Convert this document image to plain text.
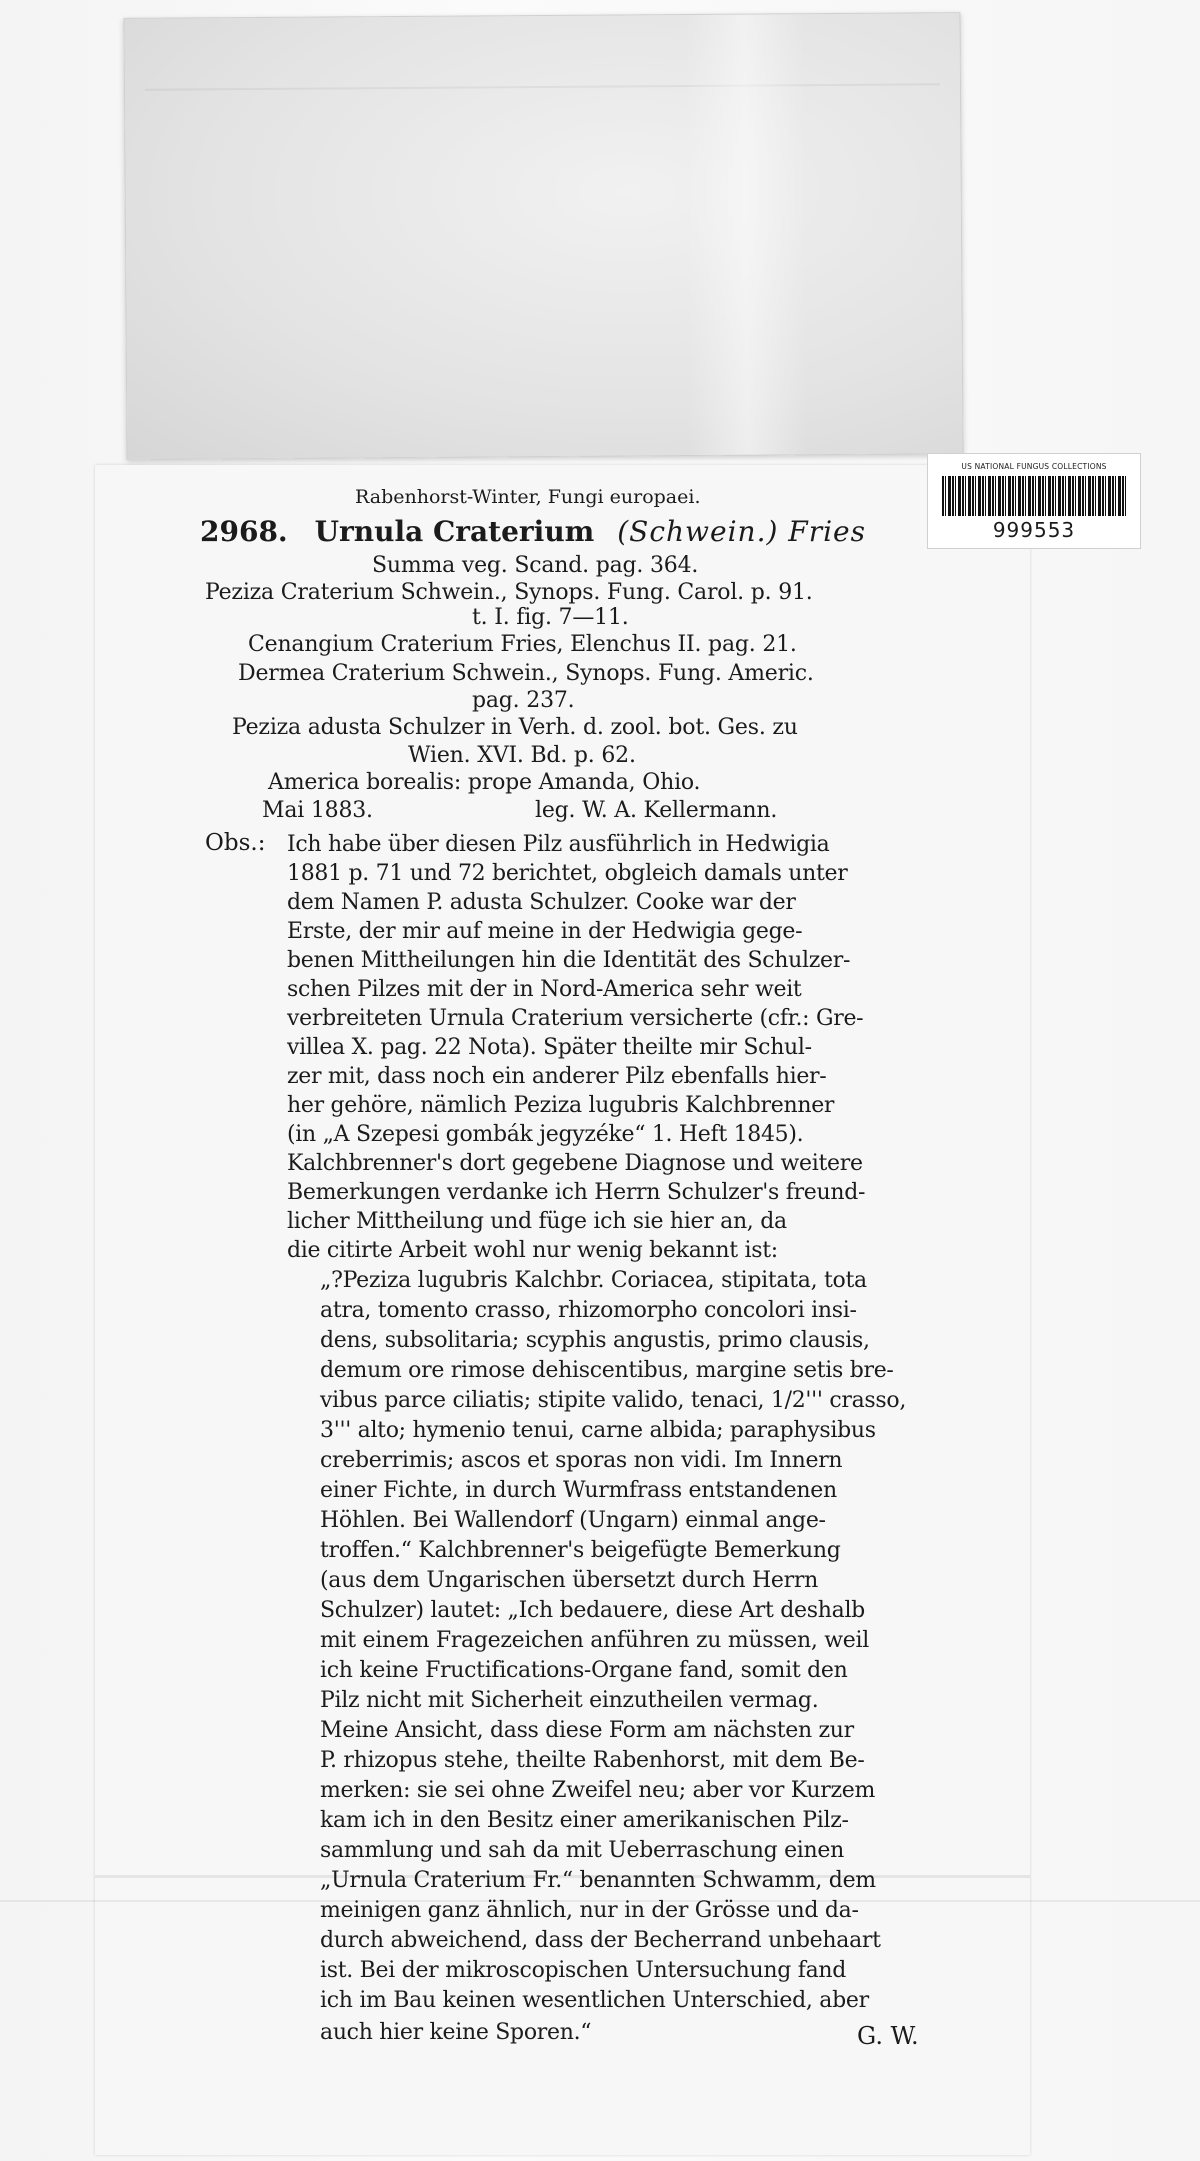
US NATIONAL FUNGUS COLLECTIONS
999553
Rabenhorst-Winter, Fungi europaei.
2968. Urnula Craterium (Schwein.) Fries
Summa veg. Scand. pag. 364.
Peziza Craterium Schwein., Synops. Fung. Carol. p. 91.
t. I. fig. 7—11.
Cenangium Craterium Fries, Elenchus II. pag. 21.
Dermea Craterium Schwein., Synops. Fung. Americ.
pag. 237.
Peziza adusta Schulzer in Verh. d. zool. bot. Ges. zu
Wien. XVI. Bd. p. 62.
America borealis: prope Amanda, Ohio.
Mai 1883.	leg. W. A. Kellermann.
Obs.: Ich habe über diesen Pilz ausführlich in Hedwigia
1881 p. 71 und 72 berichtet, obgleich damals unter
dem Namen P. adusta Schulzer. Cooke war der
Erste, der mir auf meine in der Hedwigia gege-
benen Mittheilungen hin die Identität des Schulzer-
schen Pilzes mit der in Nord-America sehr weit
verbreiteten Urnula Craterium versicherte (cfr.: Gre-
villea X. pag. 22 Nota). Später theilte mir Schul-
zer mit, dass noch ein anderer Pilz ebenfalls hier-
her gehöre, nämlich Peziza lugubris Kalchbrenner
(in „A Szepesi gombák jegyzéke“ 1. Heft 1845).
Kalchbrenner's dort gegebene Diagnose und weitere
Bemerkungen verdanke ich Herrn Schulzer's freund-
licher Mittheilung und füge ich sie hier an, da
die citirte Arbeit wohl nur wenig bekannt ist:
„?Peziza lugubris Kalchbr. Coriacea, stipitata, tota
atra, tomento crasso, rhizomorpho concolori insi-
dens, subsolitaria; scyphis angustis, primo clausis,
demum ore rimose dehiscentibus, margine setis bre-
vibus parce ciliatis; stipite valido, tenaci, 1/2''' crasso,
3''' alto; hymenio tenui, carne albida; paraphysibus
creberrimis; ascos et sporas non vidi. Im Innern
einer Fichte, in durch Wurmfrass entstandenen
Höhlen. Bei Wallendorf (Ungarn) einmal ange-
troffen.“ Kalchbrenner's beigefügte Bemerkung
(aus dem Ungarischen übersetzt durch Herrn
Schulzer) lautet: „Ich bedauere, diese Art deshalb
mit einem Fragezeichen anführen zu müssen, weil
ich keine Fructifications-Organe fand, somit den
Pilz nicht mit Sicherheit einzutheilen vermag.
Meine Ansicht, dass diese Form am nächsten zur
P. rhizopus stehe, theilte Rabenhorst, mit dem Be-
merken: sie sei ohne Zweifel neu; aber vor Kurzem
kam ich in den Besitz einer amerikanischen Pilz-
sammlung und sah da mit Ueberraschung einen
„Urnula Craterium Fr.“ benannten Schwamm, dem
meinigen ganz ähnlich, nur in der Grösse und da-
durch abweichend, dass der Becherrand unbehaart
ist. Bei der mikroscopischen Untersuchung fand
ich im Bau keinen wesentlichen Unterschied, aber
auch hier keine Sporen.“	G. W.
